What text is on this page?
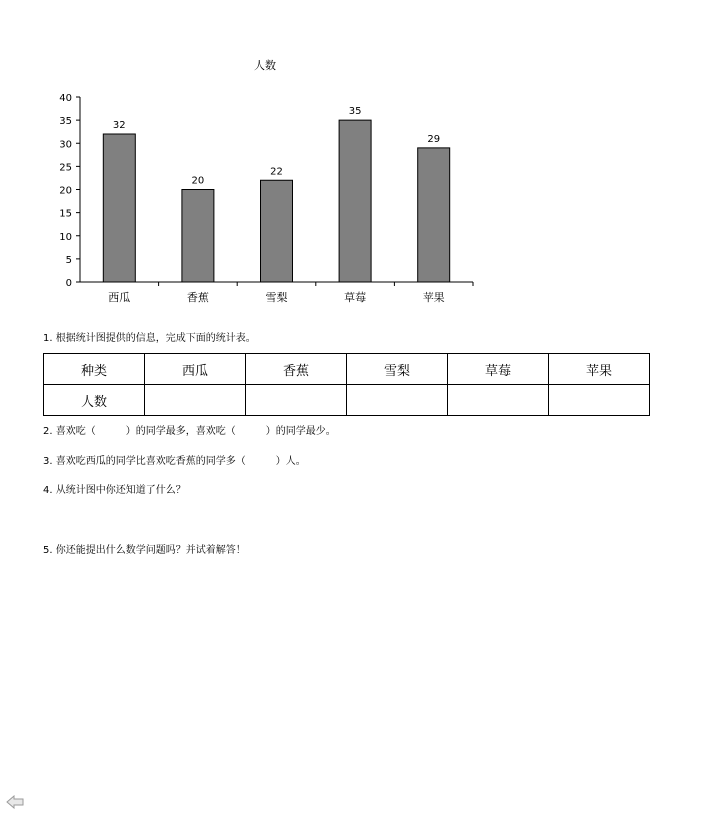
人数
0
5
10
15
20
25
30
35
40
32
西瓜
20
香蕉
22
雪梨
35
草莓
29
苹果
1. 根据统计图提供的信息，完成下面的统计表。
种类	西瓜	香蕉	雪梨	草莓	苹果
人数					
2. 喜欢吃（　　　）的同学最多，喜欢吃（　　　）的同学最少。
3. 喜欢吃西瓜的同学比喜欢吃香蕉的同学多（　　　）人。
4. 从统计图中你还知道了什么？
5. 你还能提出什么数学问题吗？并试着解答！
